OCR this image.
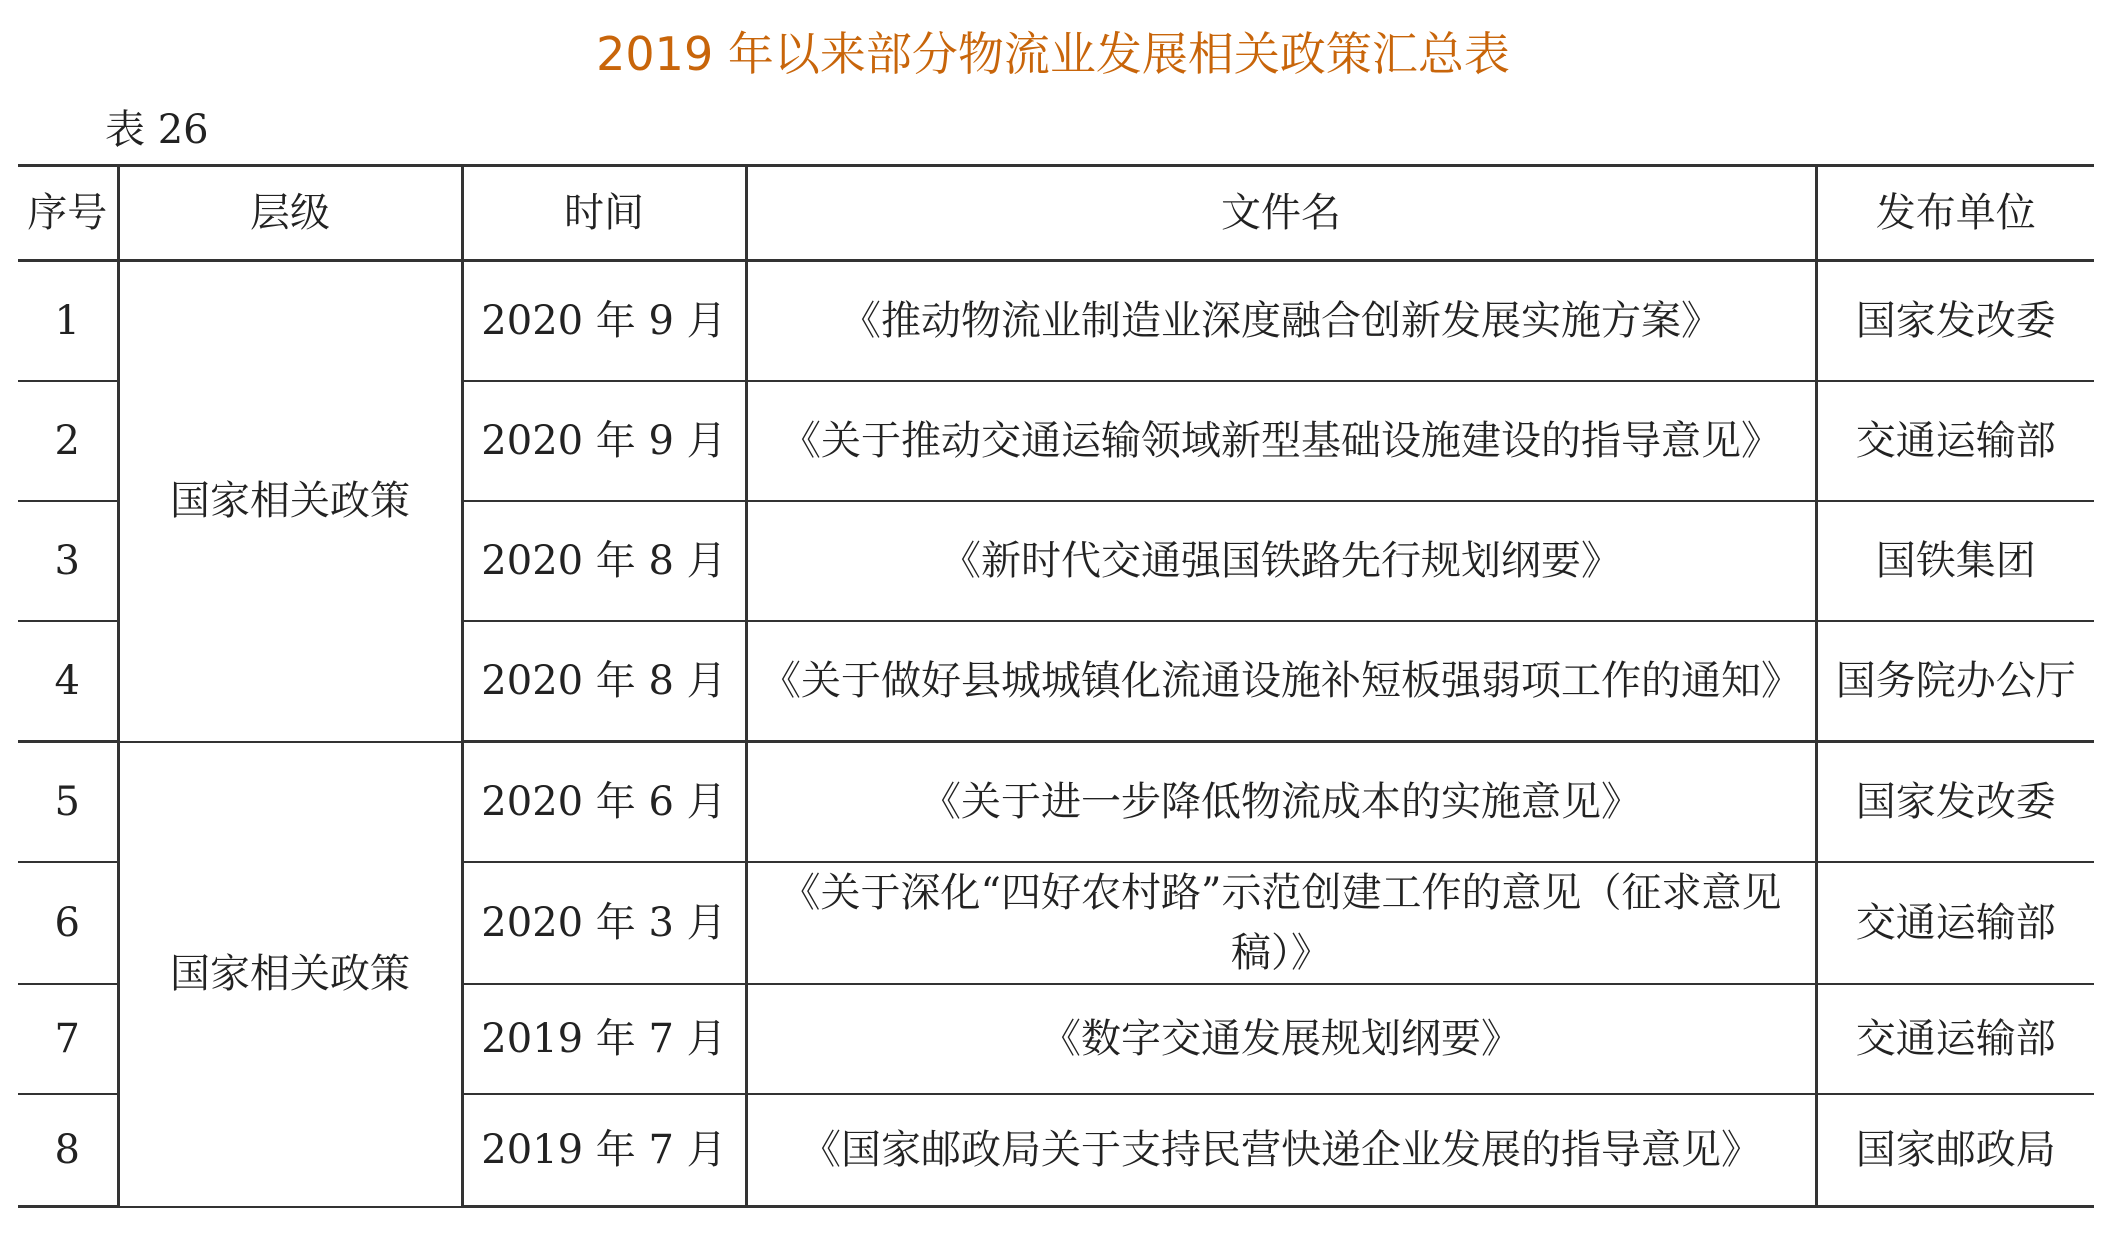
2019 年以来部分物流业发展相关政策汇总表
表 26
序号	层级	时间	文件名	发布单位
1	国家相关政策	2020 年 9 月	《推动物流业制造业深度融合创新发展实施方案》	国家发改委
2		2020 年 9 月	《关于推动交通运输领域新型基础设施建设的指导意见》	交通运输部
3		2020 年 8 月	《新时代交通强国铁路先行规划纲要》	国铁集团
4		2020 年 8 月	《关于做好县城城镇化流通设施补短板强弱项工作的通知》	国务院办公厅
5	国家相关政策	2020 年 6 月	《关于进一步降低物流成本的实施意见》	国家发改委
6		2020 年 3 月	《关于深化“四好农村路”示范创建工作的意见（征求意见稿）》	交通运输部
7		2019 年 7 月	《数字交通发展规划纲要》	交通运输部
8		2019 年 7 月	《国家邮政局关于支持民营快递企业发展的指导意见》	国家邮政局
